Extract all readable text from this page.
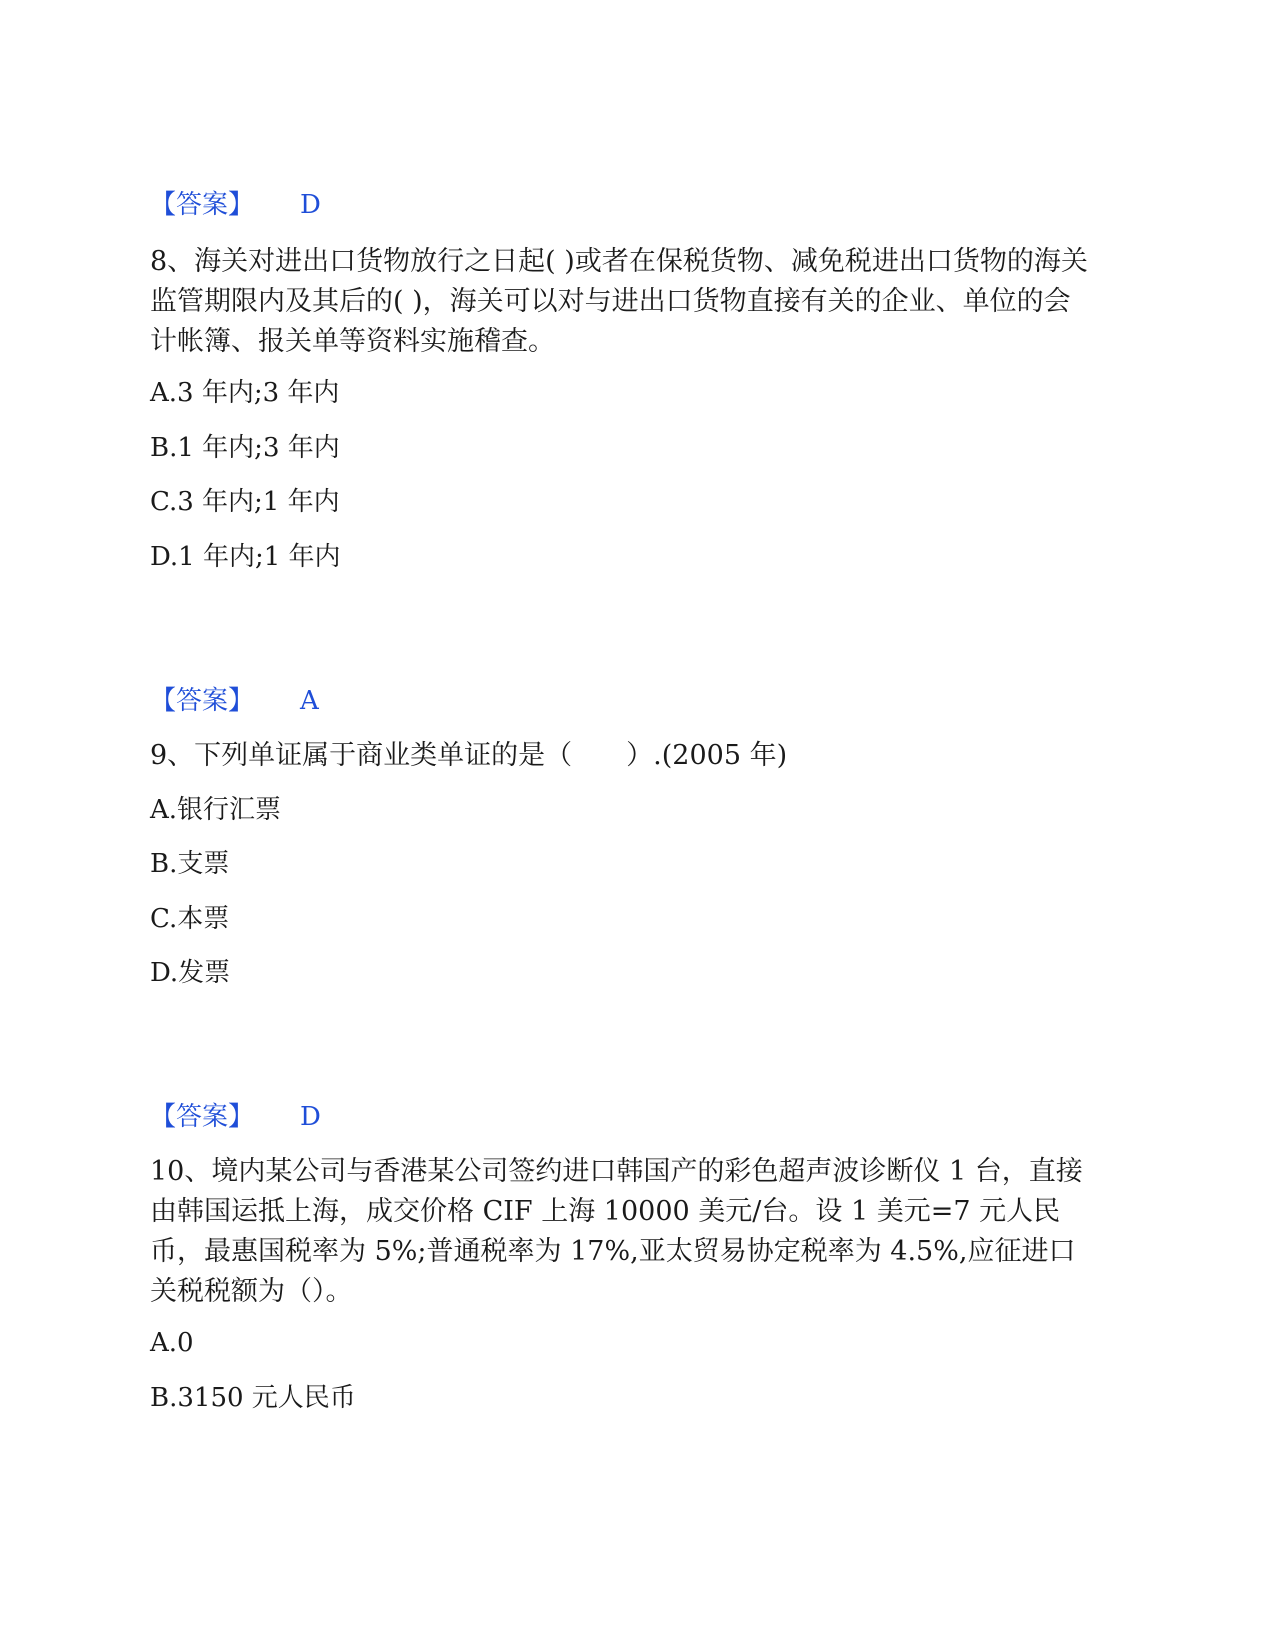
【答案】 D
8、海关对进出口货物放行之日起( )或者在保税货物、减免税进出口货物的海关监管期限内及其后的( )，海关可以对与进出口货物直接有关的企业、单位的会计帐簿、报关单等资料实施稽查。
A.3 年内;3 年内
B.1 年内;3 年内
C.3 年内;1 年内
D.1 年内;1 年内
【答案】 A
9、下列单证属于商业类单证的是（　　）.(2005 年)
A.银行汇票
B.支票
C.本票
D.发票
【答案】 D
10、境内某公司与香港某公司签约进口韩国产的彩色超声波诊断仪 1 台，直接由韩国运抵上海，成交价格 CIF 上海 10000 美元/台。设 1 美元=7 元人民币，最惠国税率为 5%;普通税率为 17%,亚太贸易协定税率为 4.5%,应征进口关税税额为（）。
A.0
B.3150 元人民币
